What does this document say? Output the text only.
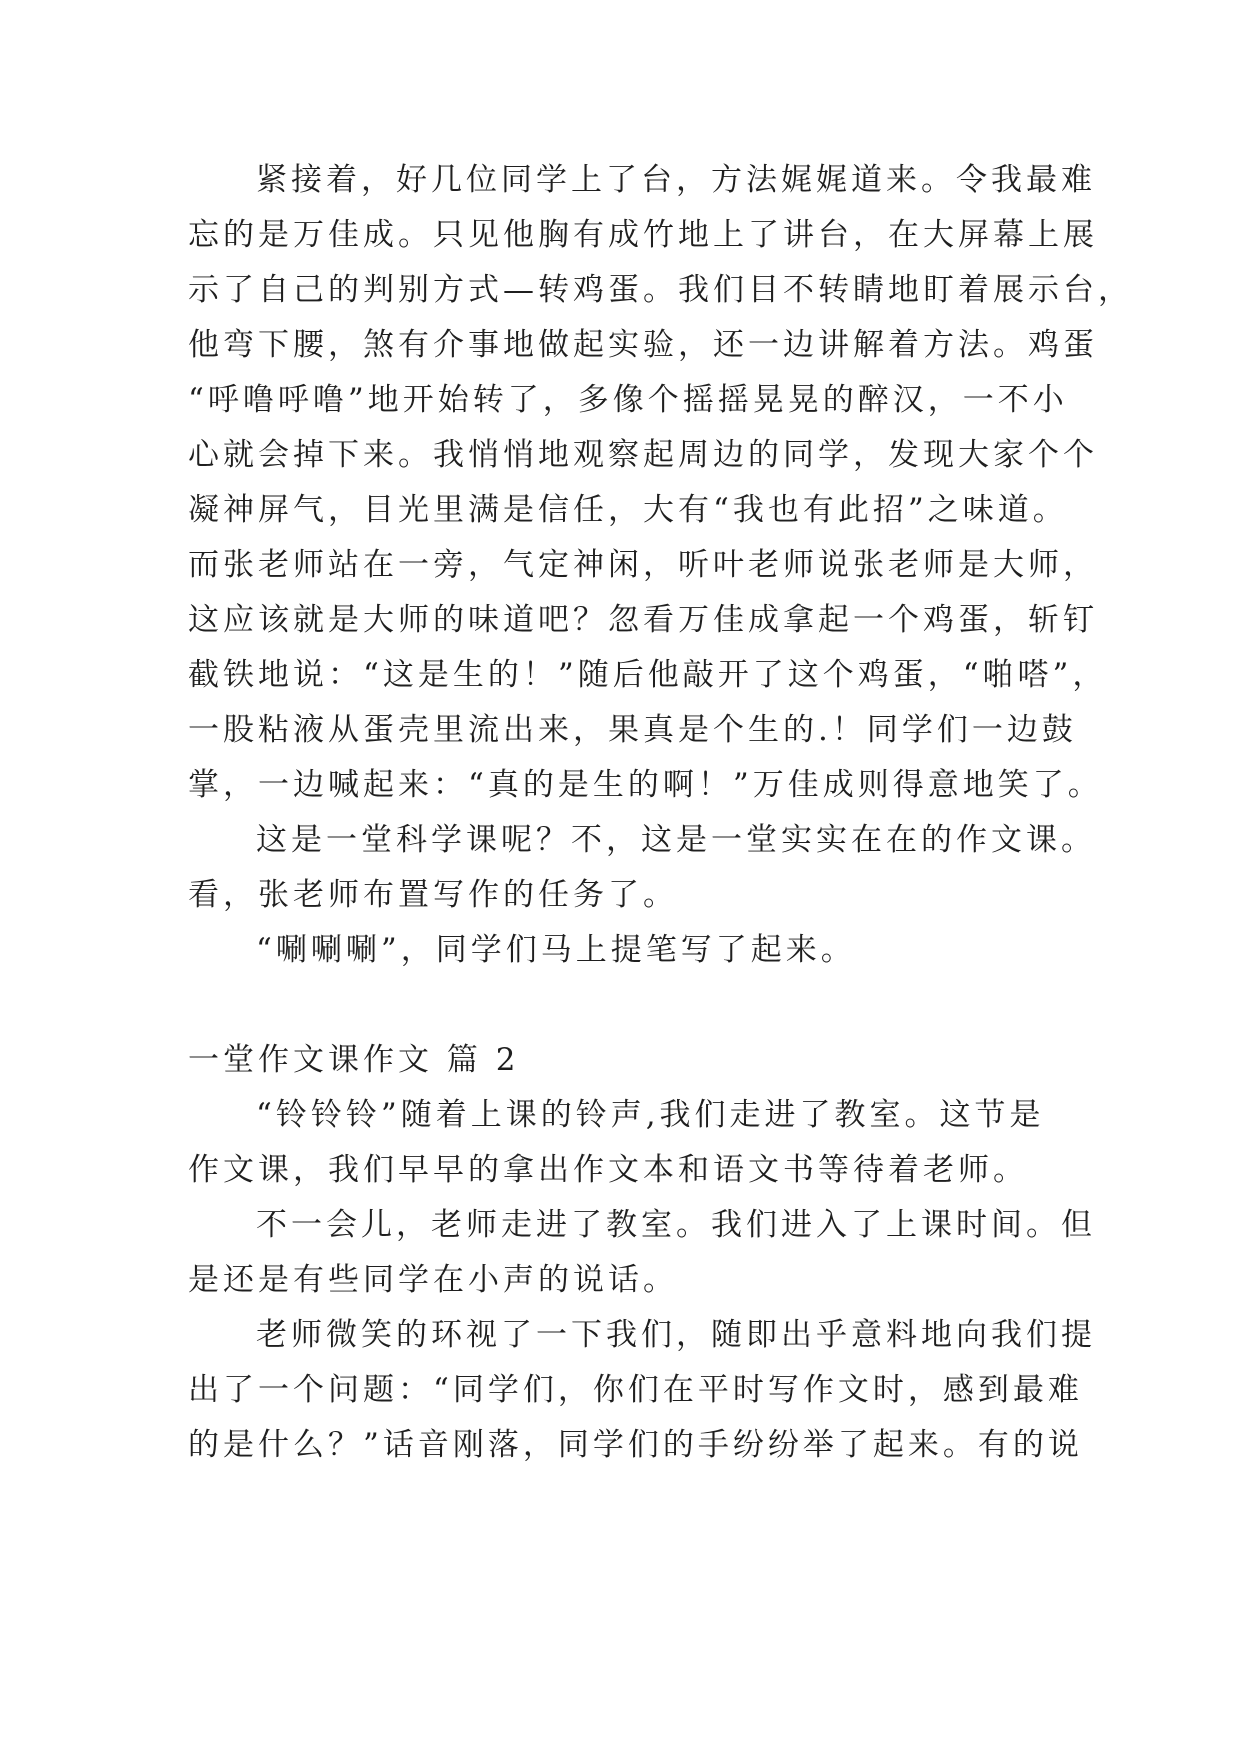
紧接着，好几位同学上了台，方法娓娓道来。令我最难

忘的是万佳成。只见他胸有成竹地上了讲台，在大屏幕上展

示了自己的判别方式—转鸡蛋。我们目不转睛地盯着展示台，

他弯下腰，煞有介事地做起实验，还一边讲解着方法。鸡蛋

“呼噜呼噜”地开始转了，多像个摇摇晃晃的醉汉，一不小

心就会掉下来。我悄悄地观察起周边的同学，发现大家个个

凝神屏气，目光里满是信任，大有“我也有此招”之味道。

而张老师站在一旁，气定神闲，听叶老师说张老师是大师，

这应该就是大师的味道吧？忽看万佳成拿起一个鸡蛋，斩钉

截铁地说：“这是生的！”随后他敲开了这个鸡蛋，“啪嗒”，

一股粘液从蛋壳里流出来，果真是个生的.！同学们一边鼓

掌，一边喊起来：“真的是生的啊！”万佳成则得意地笑了。

这是一堂科学课呢？不，这是一堂实实在在的作文课。

看，张老师布置写作的任务了。

“唰唰唰”，同学们马上提笔写了起来。

一堂作文课作文 篇 2

“铃铃铃”随着上课的铃声,我们走进了教室。这节是

作文课，我们早早的拿出作文本和语文书等待着老师。

不一会儿，老师走进了教室。我们进入了上课时间。但

是还是有些同学在小声的说话。

老师微笑的环视了一下我们，随即出乎意料地向我们提

出了一个问题：“同学们，你们在平时写作文时，感到最难

的是什么？”话音刚落，同学们的手纷纷举了起来。有的说
